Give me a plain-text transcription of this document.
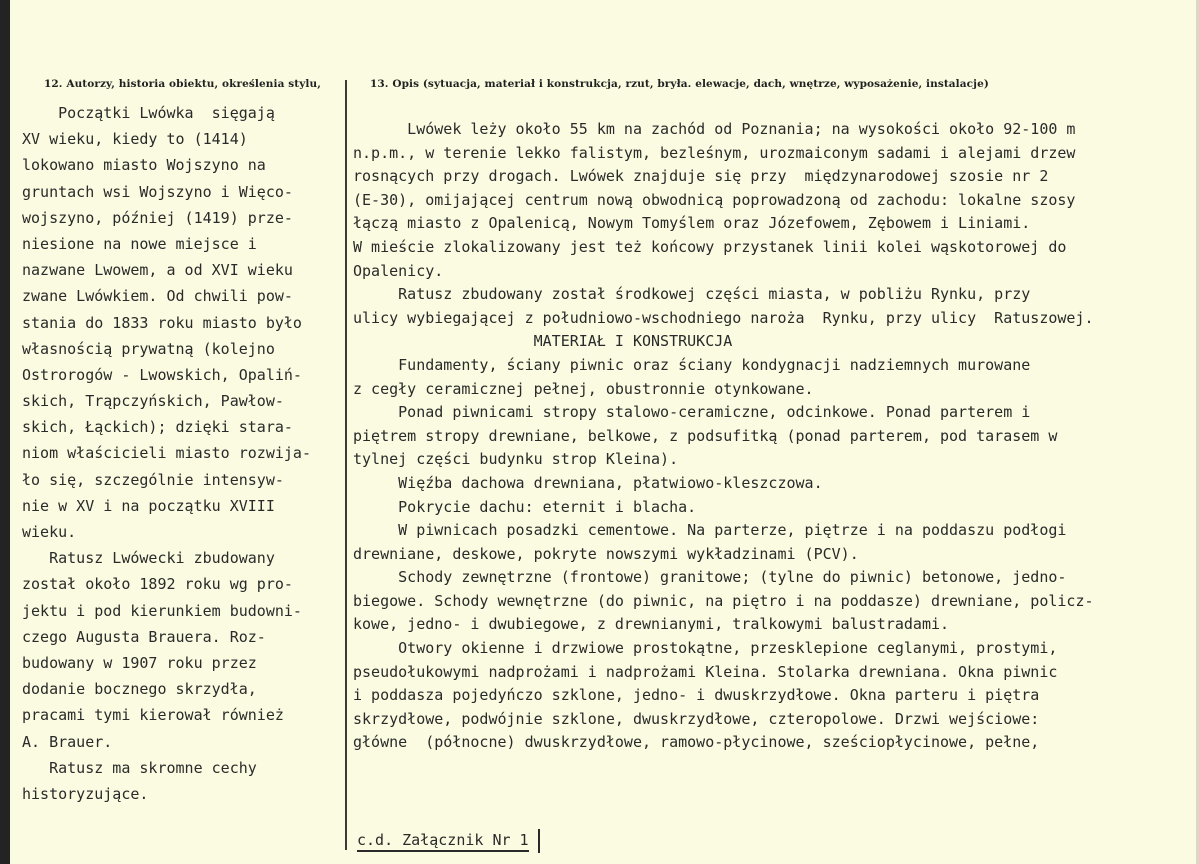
12. Autorzy, historia obiektu, określenia stylu,	13. Opis (sytuacja, materiał i konstrukcja, rzut, bryła. elewacje, dach, wnętrze, wyposażenie, instalacje)
Początki Lwówka  sięgają
XV wieku, kiedy to (1414)
lokowano miasto Wojszyno na
gruntach wsi Wojszyno i Więco-
wojszyno, później (1419) prze-
niesione na nowe miejsce i
nazwane Lwowem, a od XVI wieku
zwane Lwówkiem. Od chwili pow-
stania do 1833 roku miasto było
własnością prywatną (kolejno
Ostrorogów - Lwowskich, Opaliń-
skich, Trąpczyńskich, Pawłow-
skich, Łąckich); dzięki stara-
niom właścicieli miasto rozwija-
ło się, szczególnie intensyw-
nie w XV i na początku XVIII
wieku.
Ratusz Lwówecki zbudowany
został około 1892 roku wg pro-
jektu i pod kierunkiem budowni-
czego Augusta Brauera. Roz-
budowany w 1907 roku przez
dodanie bocznego skrzydła,
pracami tymi kierował również
A. Brauer.
Ratusz ma skromne cechy
historyzujące.
Lwówek leży około 55 km na zachód od Poznania; na wysokości około 92-100 m
n.p.m., w terenie lekko falistym, bezleśnym, urozmaiconym sadami i alejami drzew
rosnących przy drogach. Lwówek znajduje się przy  międzynarodowej szosie nr 2
(E-30), omijającej centrum nową obwodnicą poprowadzoną od zachodu: lokalne szosy
łączą miasto z Opalenicą, Nowym Tomyślem oraz Józefowem, Zębowem i Liniami.
W mieście zlokalizowany jest też końcowy przystanek linii kolei wąskotorowej do
Opalenicy.
Ratusz zbudowany został środkowej części miasta, w pobliżu Rynku, przy
ulicy wybiegającej z południowo-wschodniego naroża  Rynku, przy ulicy  Ratuszowej.
MATERIAŁ I KONSTRUKCJA
Fundamenty, ściany piwnic oraz ściany kondygnacji nadziemnych murowane
z cegły ceramicznej pełnej, obustronnie otynkowane.
Ponad piwnicami stropy stalowo-ceramiczne, odcinkowe. Ponad parterem i
piętrem stropy drewniane, belkowe, z podsufitką (ponad parterem, pod tarasem w
tylnej części budynku strop Kleina).
Więźba dachowa drewniana, płatwiowo-kleszczowa.
Pokrycie dachu: eternit i blacha.
W piwnicach posadzki cementowe. Na parterze, piętrze i na poddaszu podłogi
drewniane, deskowe, pokryte nowszymi wykładzinami (PCV).
Schody zewnętrzne (frontowe) granitowe; (tylne do piwnic) betonowe, jedno-
biegowe. Schody wewnętrzne (do piwnic, na piętro i na poddasze) drewniane, policz-
kowe, jedno- i dwubiegowe, z drewnianymi, tralkowymi balustradami.
Otwory okienne i drzwiowe prostokątne, przesklepione ceglanymi, prostymi,
pseudołukowymi nadprożami i nadprożami Kleina. Stolarka drewniana. Okna piwnic
i poddasza pojedyńczo szklone, jedno- i dwuskrzydłowe. Okna parteru i piętra
skrzydłowe, podwójnie szklone, dwuskrzydłowe, czteropolowe. Drzwi wejściowe:
główne  (północne) dwuskrzydłowe, ramowo-płycinowe, sześciopłycinowe, pełne,
c.d. Załącznik Nr 1
